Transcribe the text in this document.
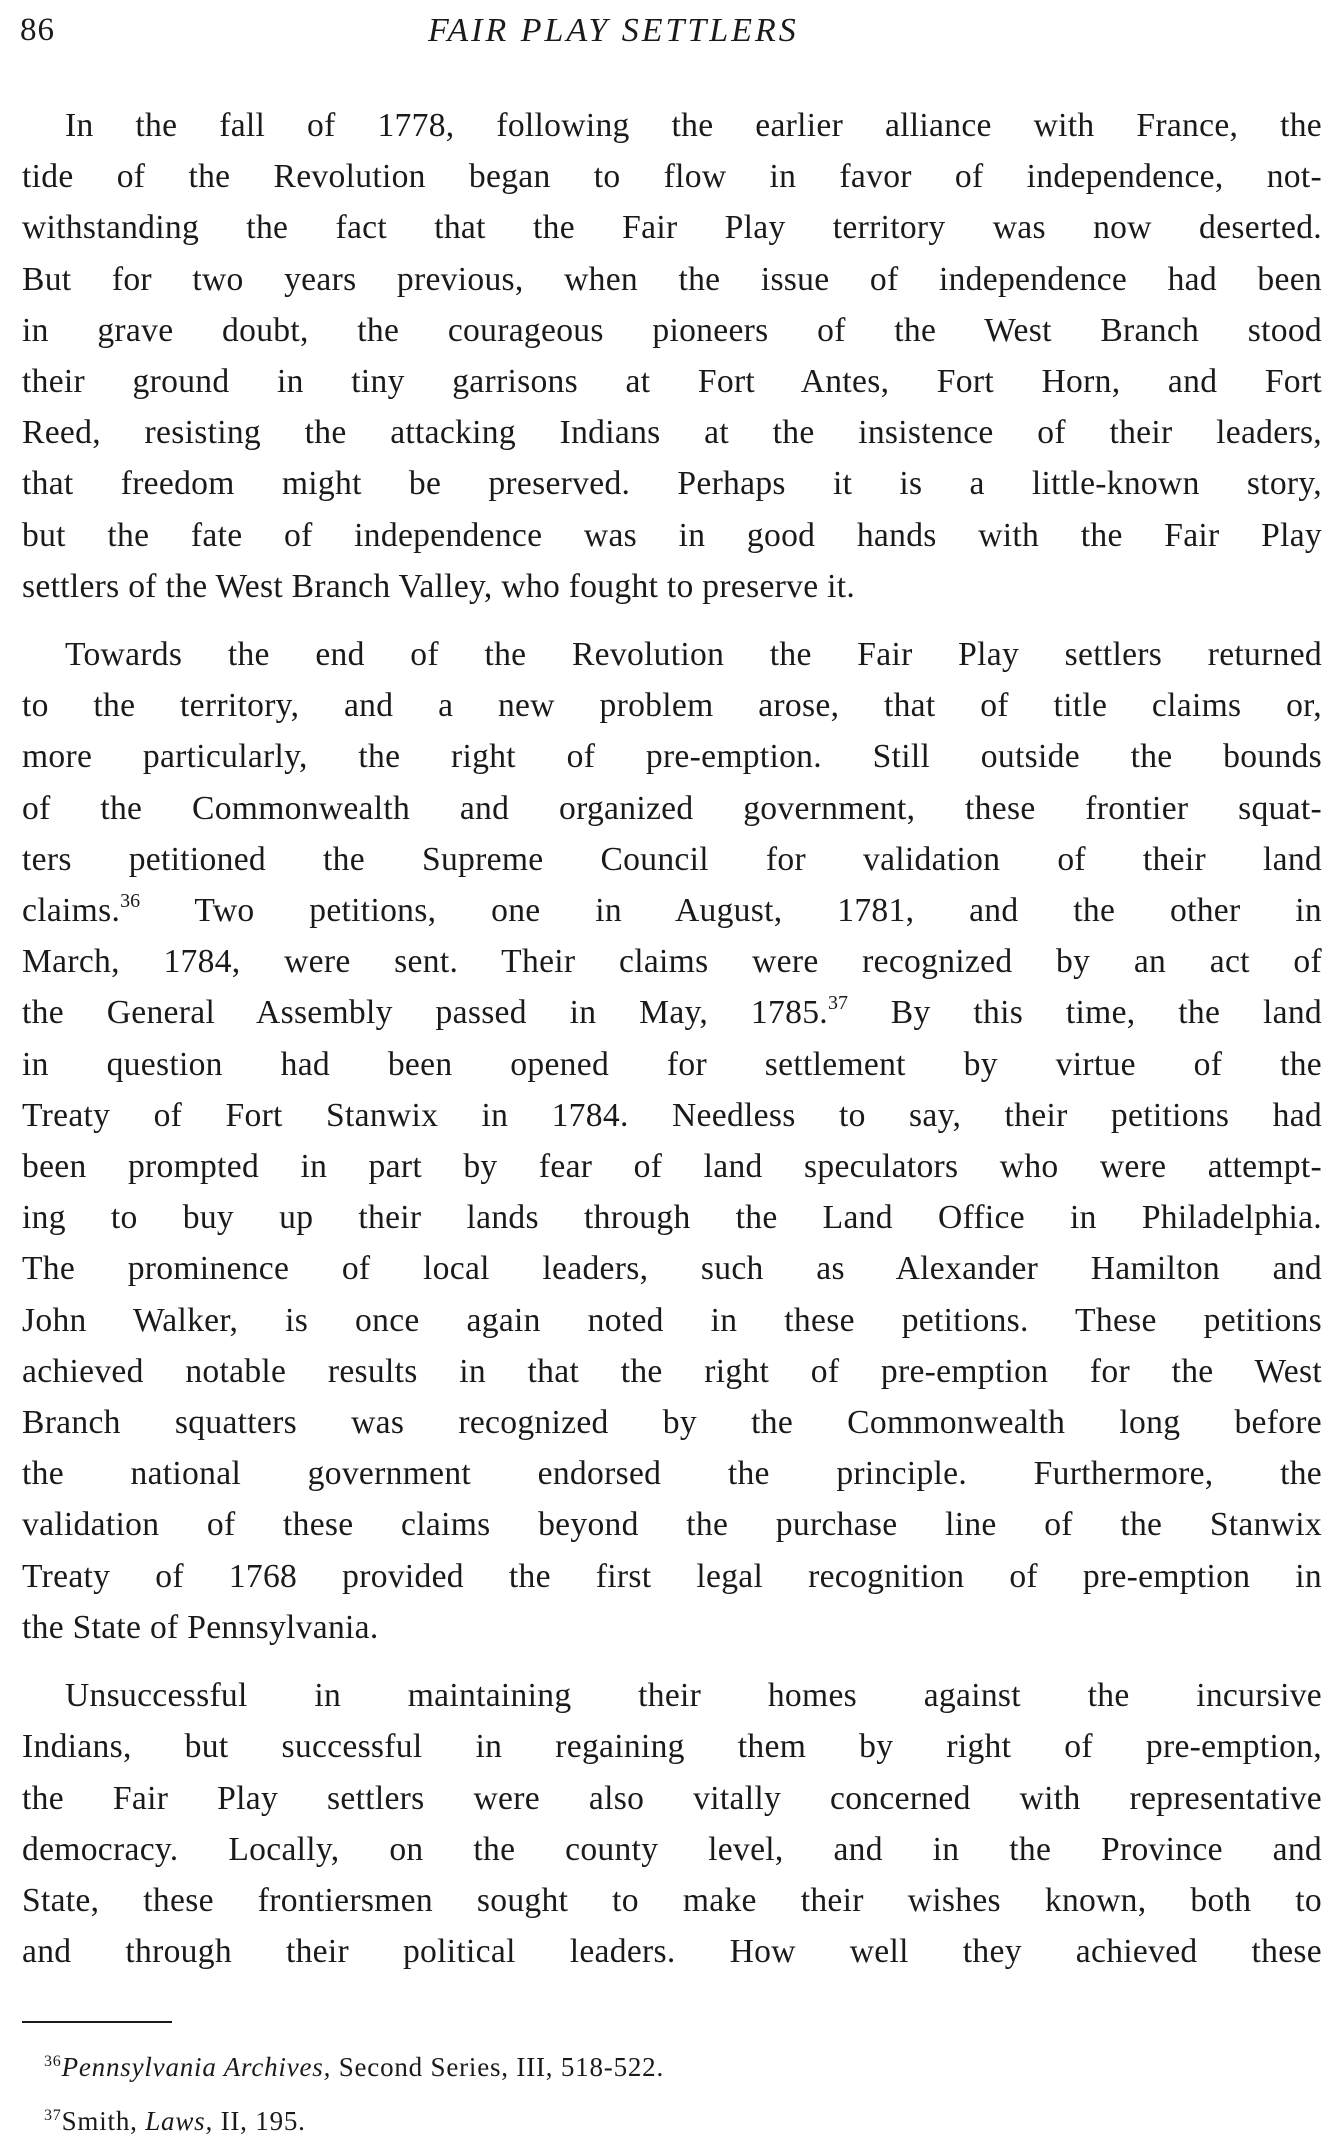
86	FAIR PLAY SETTLERS

In the fall of 1778, following the earlier alliance with France, the
tide of the Revolution began to flow in favor of independence, not-
withstanding the fact that the Fair Play territory was now deserted.
But for two years previous, when the issue of independence had been
in grave doubt, the courageous pioneers of the West Branch stood
their ground in tiny garrisons at Fort Antes, Fort Horn, and Fort
Reed, resisting the attacking Indians at the insistence of their leaders,
that freedom might be preserved. Perhaps it is a little-known story,
but the fate of independence was in good hands with the Fair Play
settlers of the West Branch Valley, who fought to preserve it.

Towards the end of the Revolution the Fair Play settlers returned
to the territory, and a new problem arose, that of title claims or,
more particularly, the right of pre-emption. Still outside the bounds
of the Commonwealth and organized government, these frontier squat-
ters petitioned the Supreme Council for validation of their land
claims.$^{36}$ Two petitions, one in August, 1781, and the other in
March, 1784, were sent. Their claims were recognized by an act of
the General Assembly passed in May, 1785.37 By this time, the land
in question had been opened for settlement by virtue of the
Treaty of Fort Stanwix in 1784. Needless to say, their petitions had
been prompted in part by fear of land speculators who were attempt-
ing to buy up their lands through the Land Office in Philadelphia.
The prominence of local leaders, such as Alexander Hamilton and
John Walker, is once again noted in these petitions. These petitions
achieved notable results in that the right of pre-emption for the West
Branch squatters was recognized by the Commonwealth long before
the national government endorsed the principle. Furthermore, the
validation of these claims beyond the purchase line of the Stanwix
Treaty of 1768 provided the first legal recognition of pre-emption in
the State of Pennsylvania.

Unsuccessful in maintaining their homes against the incursive
Indians, but successful in regaining them by right of pre-emption,
the Fair Play settlers were also vitally concerned with representative
democracy. Locally, on the county level, and in the Province and
State, these frontiersmen sought to make their wishes known, both to
and through their political leaders. How well they achieved these

$^{36}$Pennsylvania Archives, Second Series, III, 518-522.
$^{37}$Smith, Laws, II, 195.
